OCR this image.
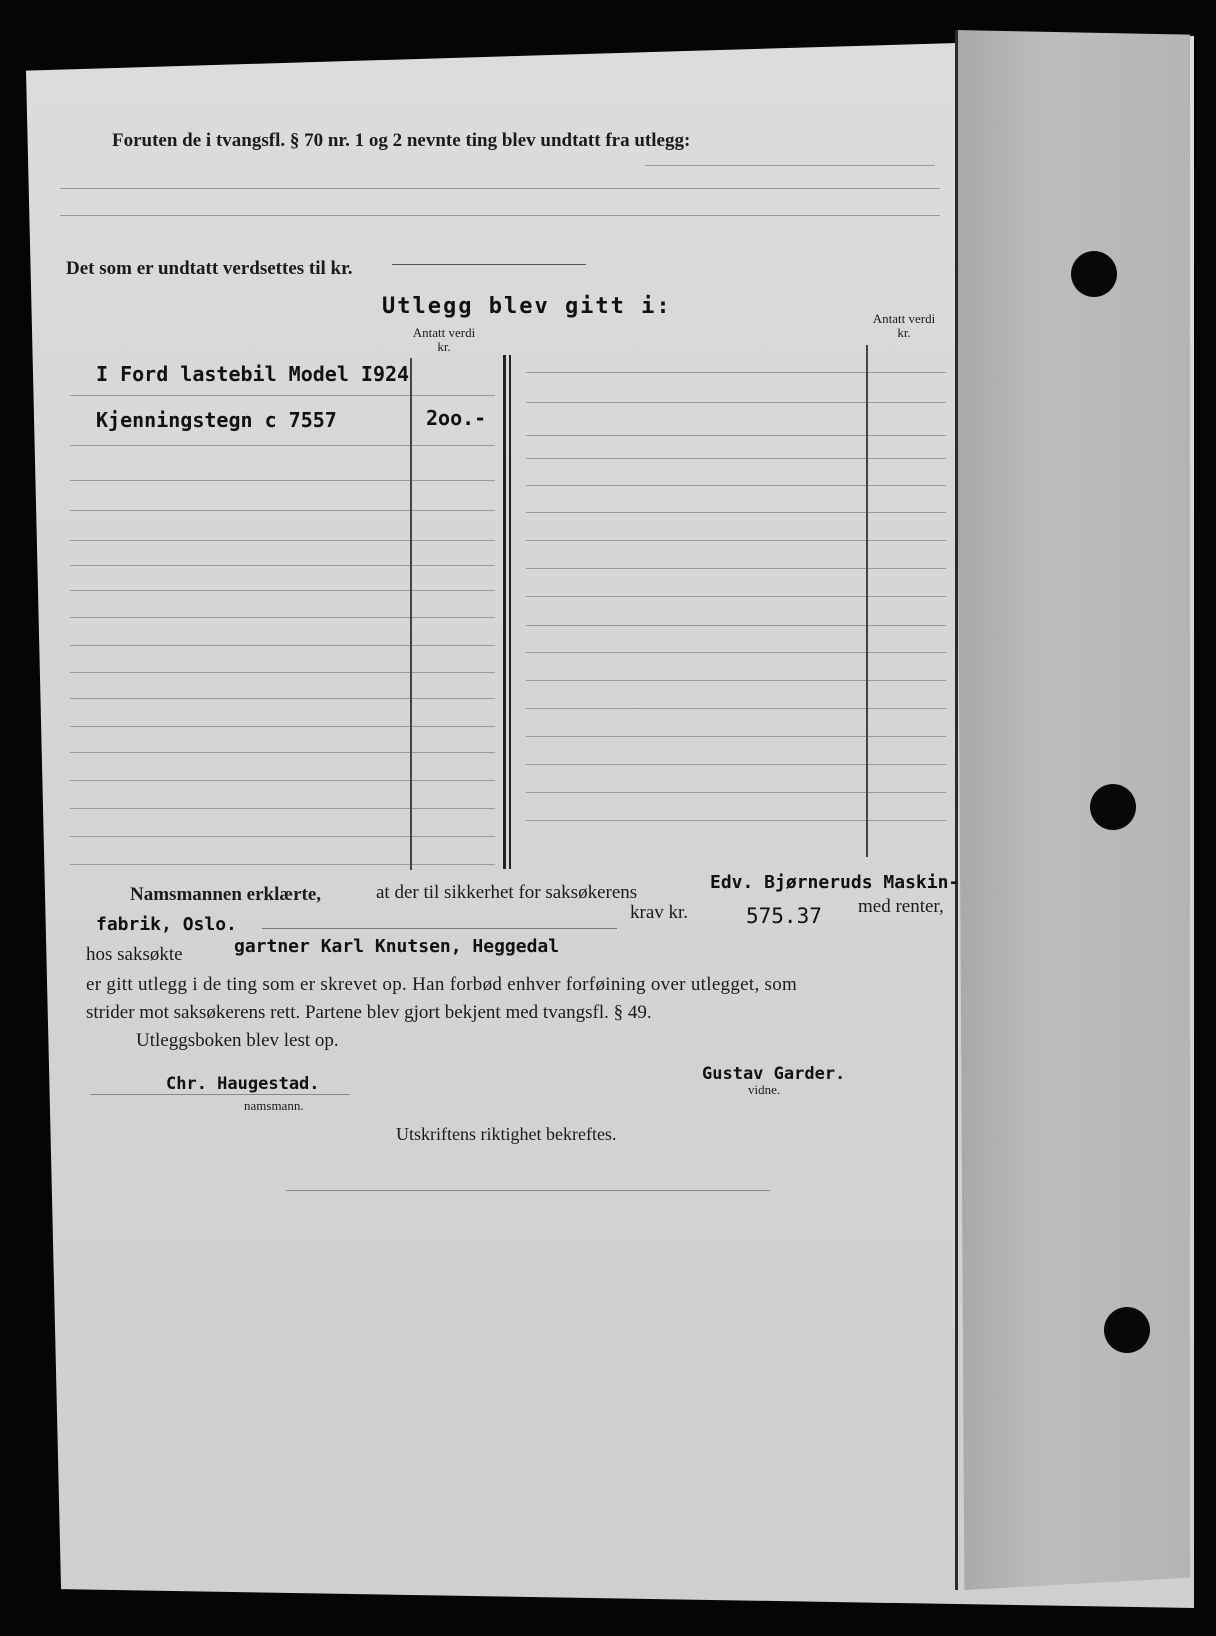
Foruten de i tvangsfl. § 70 nr. 1 og 2 nevnte ting blev undtatt fra utlegg:
Det som er undtatt verdsettes til kr.
Utlegg blev gitt i:
Antatt verdi kr.
Antatt verdi kr.
I Ford lastebil Model I924
Kjenningstegn c 7557	2oo.-
Namsmannen erklærte,	at der til sikkerhet for saksøkerens	Edv. Bjørneruds Maskin-
fabrik, Oslo.
krav kr.	575.37 med renter,
hos saksøkte	gartner Karl Knutsen, Heggedal
er gitt utlegg i de ting som er skrevet op. Han forbød enhver forføining over utlegget, som
strider mot saksøkerens rett. Partene blev gjort bekjent med tvangsfl. § 49.
Utleggsboken blev lest op.
Chr. Haugestad.
namsmann.
Gustav Garder.
vidne.
Utskriftens riktighet bekreftes.
